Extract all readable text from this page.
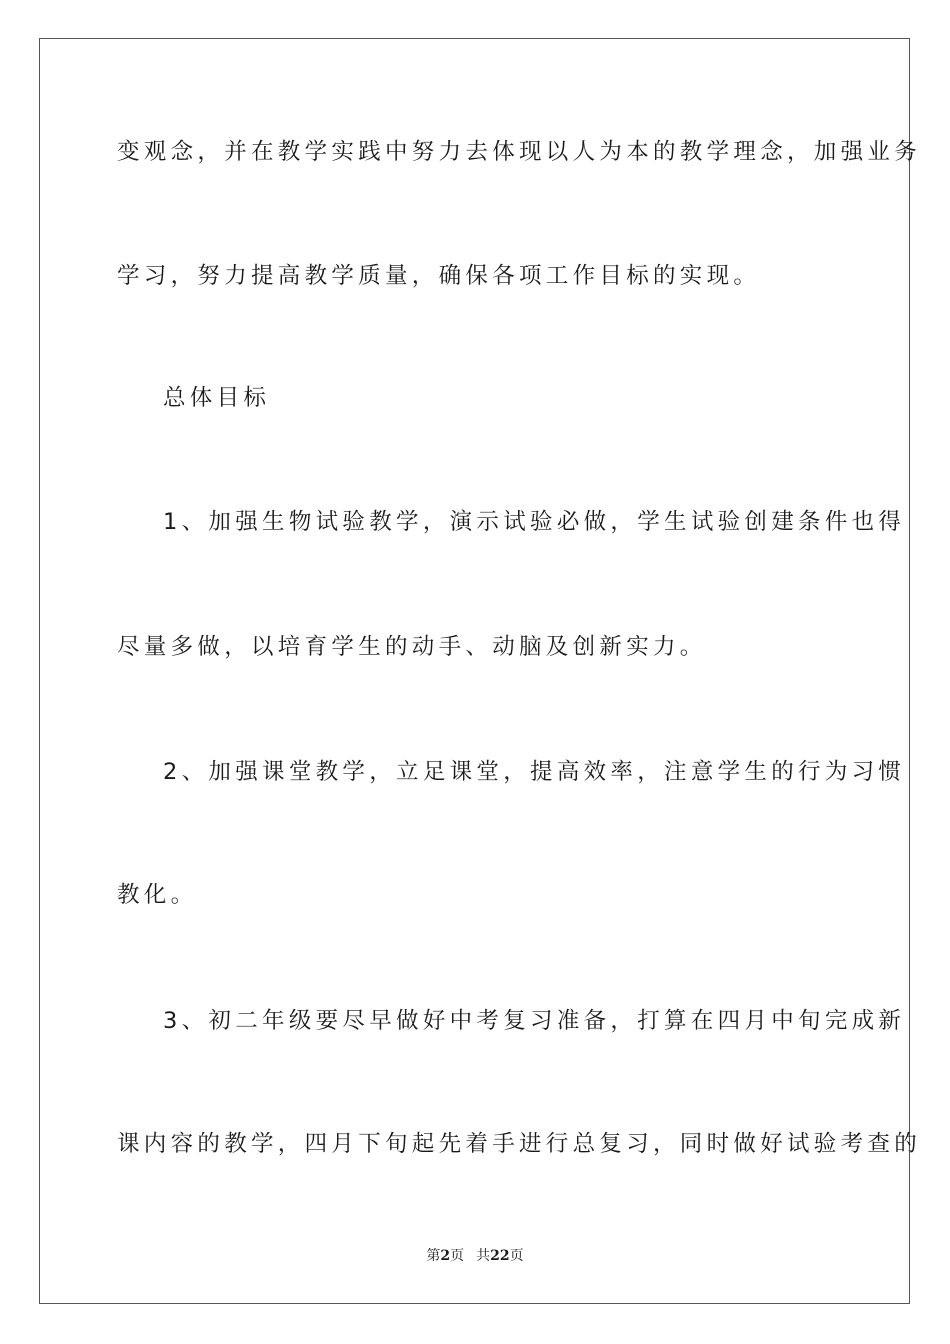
变观念，并在教学实践中努力去体现以人为本的教学理念，加强业务
学习，努力提高教学质量，确保各项工作目标的实现。
总体目标
1、加强生物试验教学，演示试验必做，学生试验创建条件也得
尽量多做，以培育学生的动手、动脑及创新实力。
2、加强课堂教学，立足课堂，提高效率，注意学生的行为习惯
教化。
3、初二年级要尽早做好中考复习准备，打算在四月中旬完成新
课内容的教学，四月下旬起先着手进行总复习，同时做好试验考查的
第2页 共22页
